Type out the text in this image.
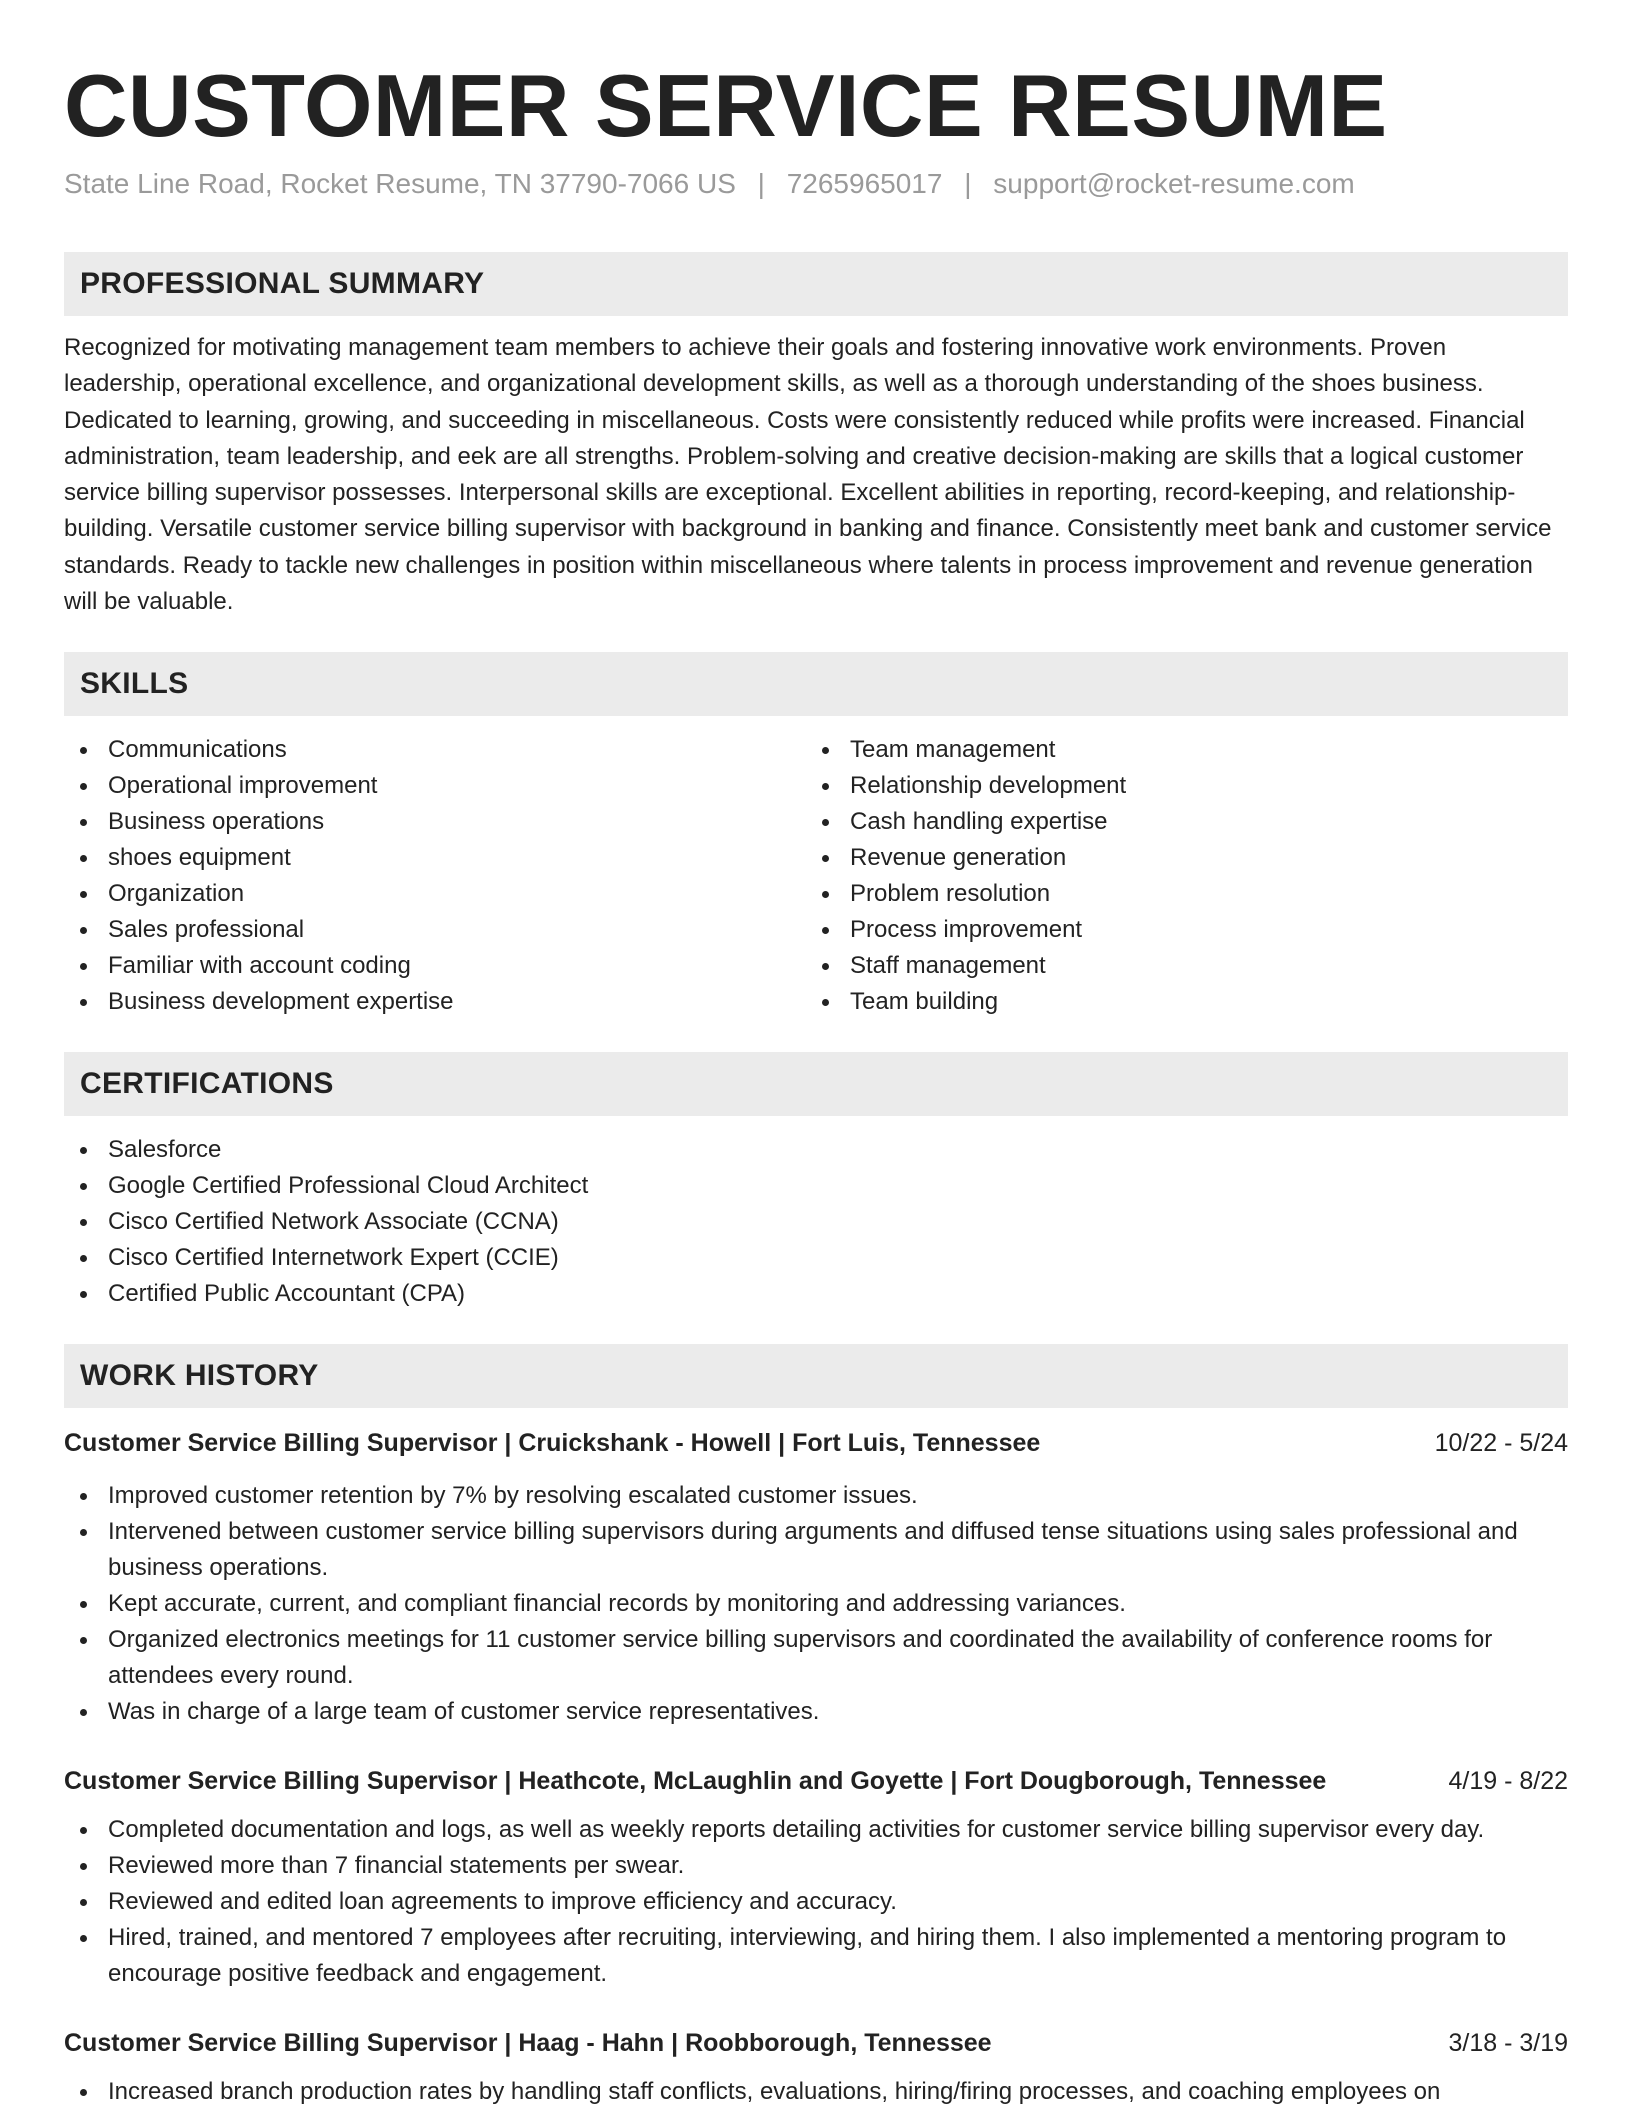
CUSTOMER SERVICE RESUME
State Line Road, Rocket Resume, TN 37790-7066 US | 7265965017 | support@rocket-resume.com
PROFESSIONAL SUMMARY

Recognized for motivating management team members to achieve their goals and fostering innovative work environments. Proven leadership, operational excellence, and organizational development skills, as well as a thorough understanding of the shoes business. Dedicated to learning, growing, and succeeding in miscellaneous. Costs were consistently reduced while profits were increased. Financial administration, team leadership, and eek are all strengths. Problem-solving and creative decision-making are skills that a logical customer service billing supervisor possesses. Interpersonal skills are exceptional. Excellent abilities in reporting, record-keeping, and relationship-building. Versatile customer service billing supervisor with background in banking and finance. Consistently meet bank and customer service standards. Ready to tackle new challenges in position within miscellaneous where talents in process improvement and revenue generation will be valuable.

SKILLS
Communications
Operational improvement
Business operations
shoes equipment
Organization
Sales professional
Familiar with account coding
Business development expertise
Team management
Relationship development
Cash handling expertise
Revenue generation
Problem resolution
Process improvement
Staff management
Team building
CERTIFICATIONS
Salesforce
Google Certified Professional Cloud Architect
Cisco Certified Network Associate (CCNA)
Cisco Certified Internetwork Expert (CCIE)
Certified Public Accountant (CPA)
WORK HISTORY
Customer Service Billing Supervisor | Cruickshank - Howell | Fort Luis, Tennessee	10/22 - 5/24
Improved customer retention by 7% by resolving escalated customer issues.
Intervened between customer service billing supervisors during arguments and diffused tense situations using sales professional and business operations.
Kept accurate, current, and compliant financial records by monitoring and addressing variances.
Organized electronics meetings for 11 customer service billing supervisors and coordinated the availability of conference rooms for attendees every round.
Was in charge of a large team of customer service representatives.
Customer Service Billing Supervisor | Heathcote, McLaughlin and Goyette | Fort Dougborough, Tennessee	4/19 - 8/22
Completed documentation and logs, as well as weekly reports detailing activities for customer service billing supervisor every day.
Reviewed more than 7 financial statements per swear.
Reviewed and edited loan agreements to improve efficiency and accuracy.
Hired, trained, and mentored 7 employees after recruiting, interviewing, and hiring them. I also implemented a mentoring program to encourage positive feedback and engagement.
Customer Service Billing Supervisor | Haag - Hahn | Roobborough, Tennessee	3/18 - 3/19
Increased branch production rates by handling staff conflicts, evaluations, hiring/firing processes, and coaching employees on
